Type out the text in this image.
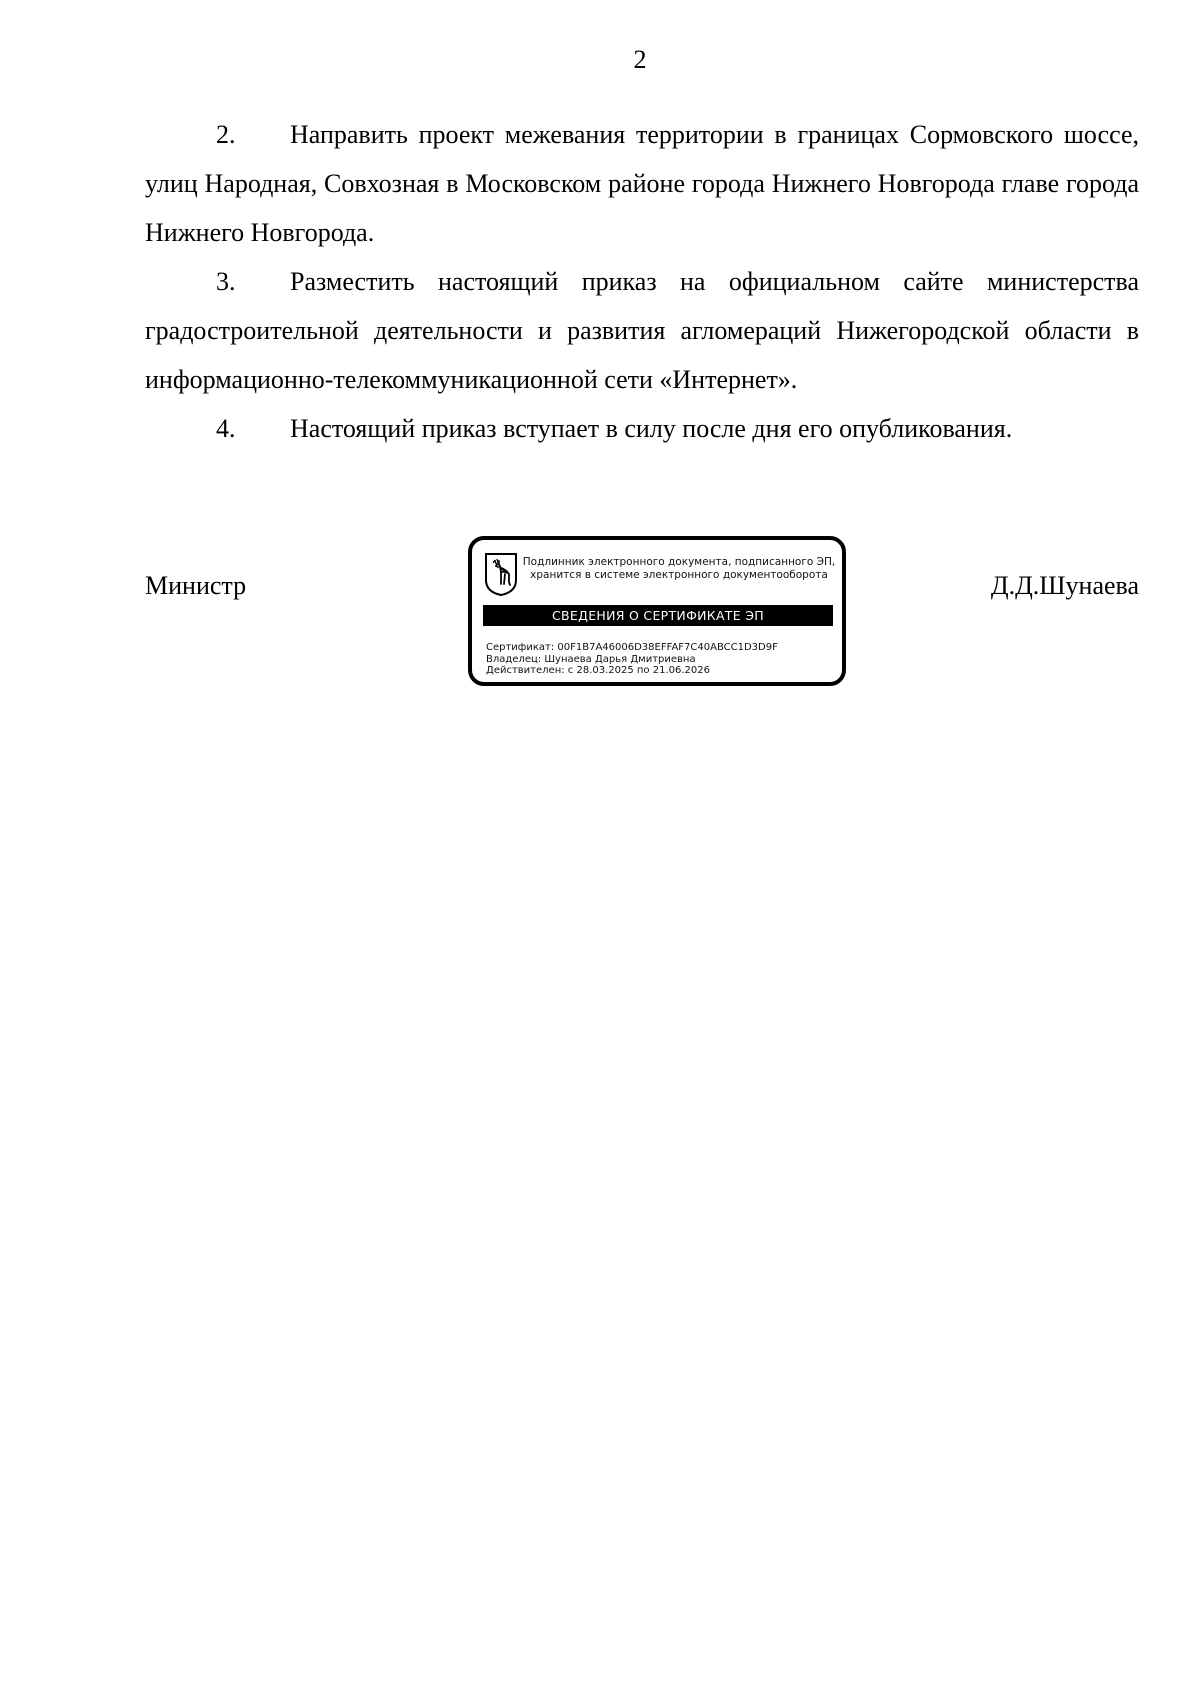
2

2. Направить проект межевания территории в границах Сормовского шоссе, улиц Народная, Совхозная в Московском районе города Нижнего Новгорода главе города Нижнего Новгорода.

3. Разместить настоящий приказ на официальном сайте министерства градостроительной деятельности и развития агломераций Нижегородской области в информационно-телекоммуникационной сети «Интернет».

4. Настоящий приказ вступает в силу после дня его опубликования.

Министр
Подлинник электронного документа, подписанного ЭП,
хранится в системе электронного документооборота
СВЕДЕНИЯ О СЕРТИФИКАТЕ ЭП
Сертификат: 00F1B7A46006D38EFFAF7C40ABCC1D3D9F
Владелец: Шунаева Дарья Дмитриевна
Действителен: с 28.03.2025 по 21.06.2026
Д.Д.Шунаева
